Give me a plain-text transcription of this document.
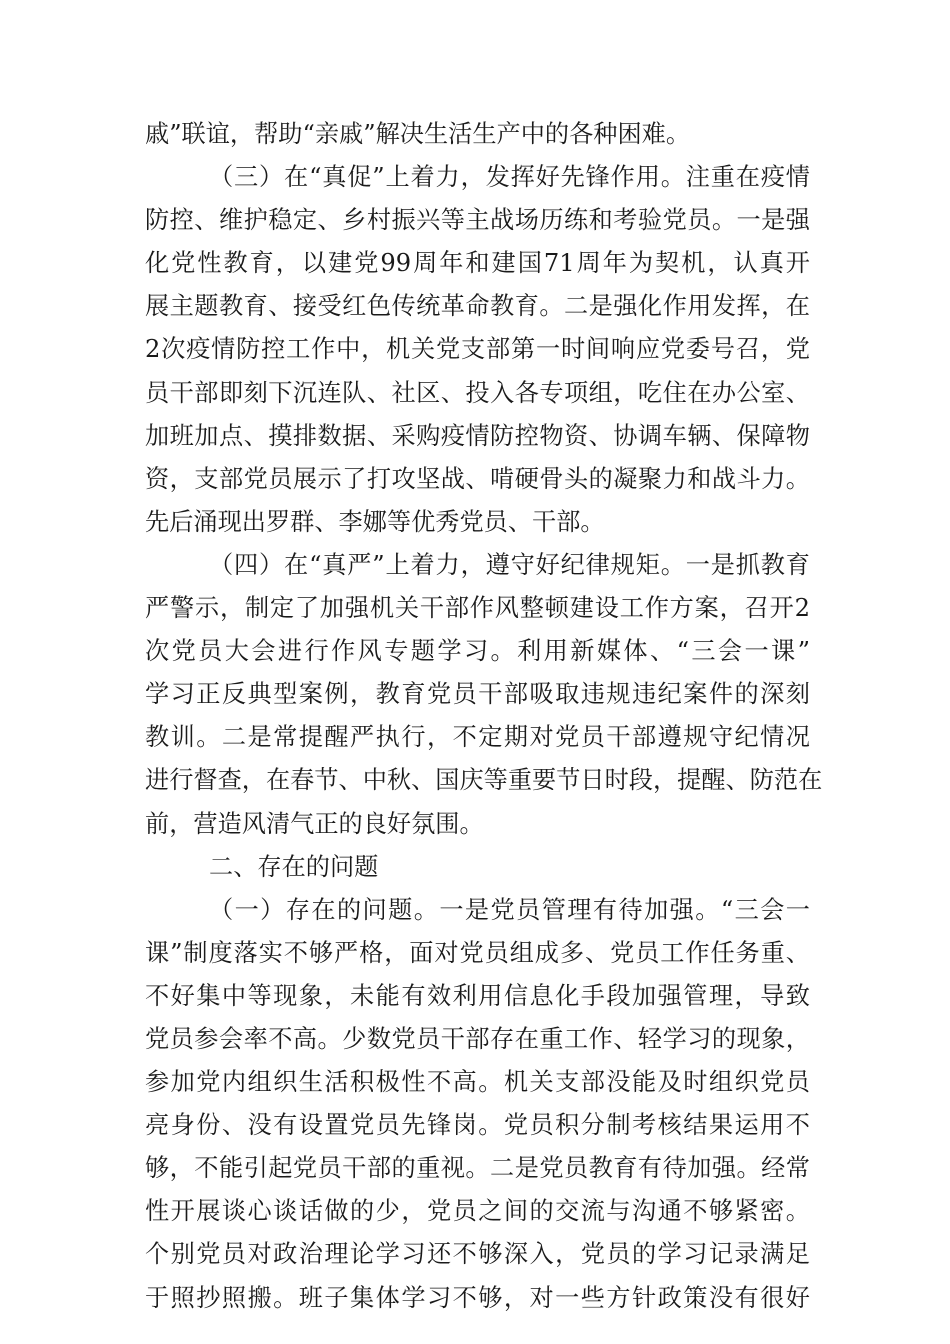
戚”联谊，帮助“亲戚”解决生活生产中的各种困难。
（三）在“真促”上着力，发挥好先锋作用。注重在疫情
防控、维护稳定、乡村振兴等主战场历练和考验党员。一是强
化党性教育，以建党99周年和建国71周年为契机，认真开
展主题教育、接受红色传统革命教育。二是强化作用发挥，在
2次疫情防控工作中，机关党支部第一时间响应党委号召，党
员干部即刻下沉连队、社区、投入各专项组，吃住在办公室、
加班加点、摸排数据、采购疫情防控物资、协调车辆、保障物
资，支部党员展示了打攻坚战、啃硬骨头的凝聚力和战斗力。
先后涌现出罗群、李娜等优秀党员、干部。
（四）在“真严”上着力，遵守好纪律规矩。一是抓教育
严警示，制定了加强机关干部作风整顿建设工作方案，召开2
次党员大会进行作风专题学习。利用新媒体、“三会一课”
学习正反典型案例，教育党员干部吸取违规违纪案件的深刻
教训。二是常提醒严执行，不定期对党员干部遵规守纪情况
进行督查，在春节、中秋、国庆等重要节日时段，提醒、防范在
前，营造风清气正的良好氛围。
二、存在的问题
（一）存在的问题。一是党员管理有待加强。“三会一
课”制度落实不够严格，面对党员组成多、党员工作任务重、
不好集中等现象，未能有效利用信息化手段加强管理，导致
党员参会率不高。少数党员干部存在重工作、轻学习的现象，
参加党内组织生活积极性不高。机关支部没能及时组织党员
亮身份、没有设置党员先锋岗。党员积分制考核结果运用不
够，不能引起党员干部的重视。二是党员教育有待加强。经常
性开展谈心谈话做的少，党员之间的交流与沟通不够紧密。
个别党员对政治理论学习还不够深入，党员的学习记录满足
于照抄照搬。班子集体学习不够，对一些方针政策没有很好
